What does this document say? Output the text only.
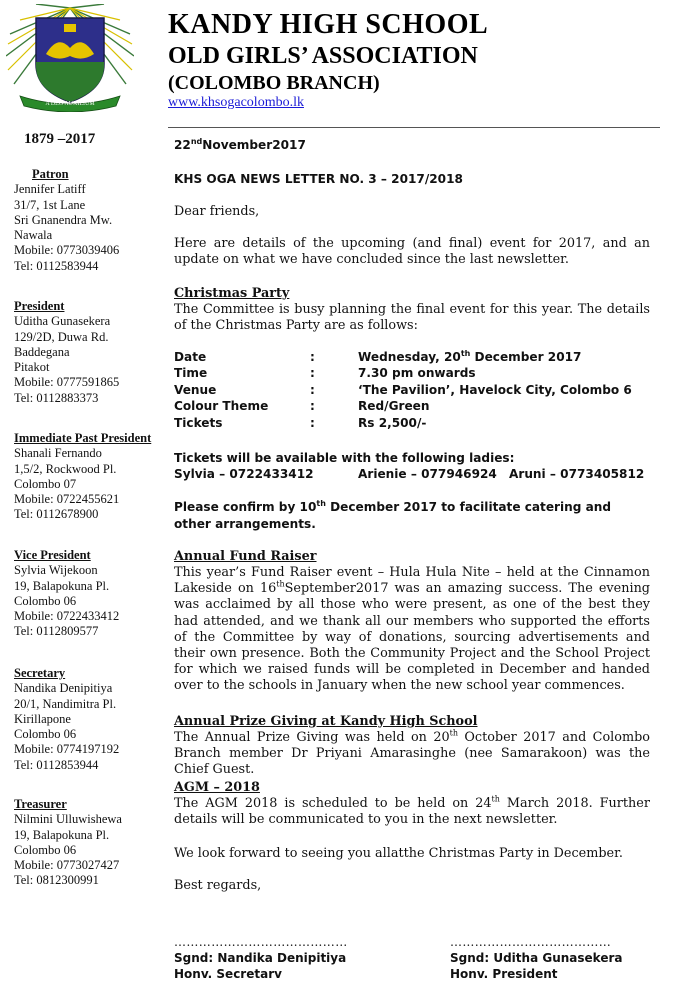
A DEO AUXILIUM
KANDY HIGH SCHOOL
OLD GIRLS’ ASSOCIATION
(COLOMBO BRANCH)
www.khsogacolombo.lk
1879 –2017
Patron
Jennifer Latiff
31/7, 1st Lane
Sri Gnanendra Mw.
Nawala
Mobile: 0773039406
Tel: 0112583944
President
Uditha Gunasekera
129/2D, Duwa Rd.
Baddegana
Pitakot
Mobile: 0777591865
Tel: 0112883373
Immediate Past President
Shanali Fernando
1,5/2, Rockwood Pl.
Colombo 07
Mobile: 0722455621
Tel: 0112678900
Vice President
Sylvia Wijekoon
19, Balapokuna Pl.
Colombo 06
Mobile: 0722433412
Tel: 0112809577
Secretary
Nandika Denipitiya
20/1, Nandimitra Pl.
Kirillapone
Colombo 06
Mobile: 0774197192
Tel: 0112853944
Treasurer
Nilmini Ulluwishewa
19, Balapokuna Pl.
Colombo 06
Mobile: 0773027427
Tel: 0812300991
22ndNovember2017
KHS OGA NEWS LETTER NO. 3 – 2017/2018
Dear friends,
Here are details of the upcoming (and final) event for 2017, and an update on what we have concluded since the last newsletter.
Christmas Party
The Committee is busy planning the final event for this year. The details of the Christmas Party are as follows:
Date	:	Wednesday, 20th December 2017
Time	:	7.30 pm onwards
Venue	:	‘The Pavilion’, Havelock City, Colombo 6
Colour Theme	:	Red/Green
Tickets	:	Rs 2,500/-
Tickets will be available with the following ladies:
Sylvia – 0722433412	Arienie – 077946924 Aruni – 0773405812
Please confirm by 10th December 2017 to facilitate catering and other arrangements.
Annual Fund Raiser
This year’s Fund Raiser event – Hula Hula Nite – held at the Cinnamon Lakeside on 16thSeptember2017 was an amazing success. The evening was acclaimed by all those who were present, as one of the best they had attended, and we thank all our members who supported the efforts of the Committee by way of donations, sourcing advertisements and their own presence. Both the Community Project and the School Project for which we raised funds will be completed in December and handed over to the schools in January when the new school year commences.
Annual Prize Giving at Kandy High School
The Annual Prize Giving was held on 20th October 2017 and Colombo Branch member Dr Priyani Amarasinghe (nee Samarakoon) was the Chief Guest.
AGM – 2018
The AGM 2018 is scheduled to be held on 24th March 2018. Further details will be communicated to you in the next newsletter.
We look forward to seeing you allatthe Christmas Party in December.
Best regards,
……………………………………
Sgnd: Nandika Denipitiya
Honv. Secretarv
…………………………………
Sgnd: Uditha Gunasekera
Honv. President
